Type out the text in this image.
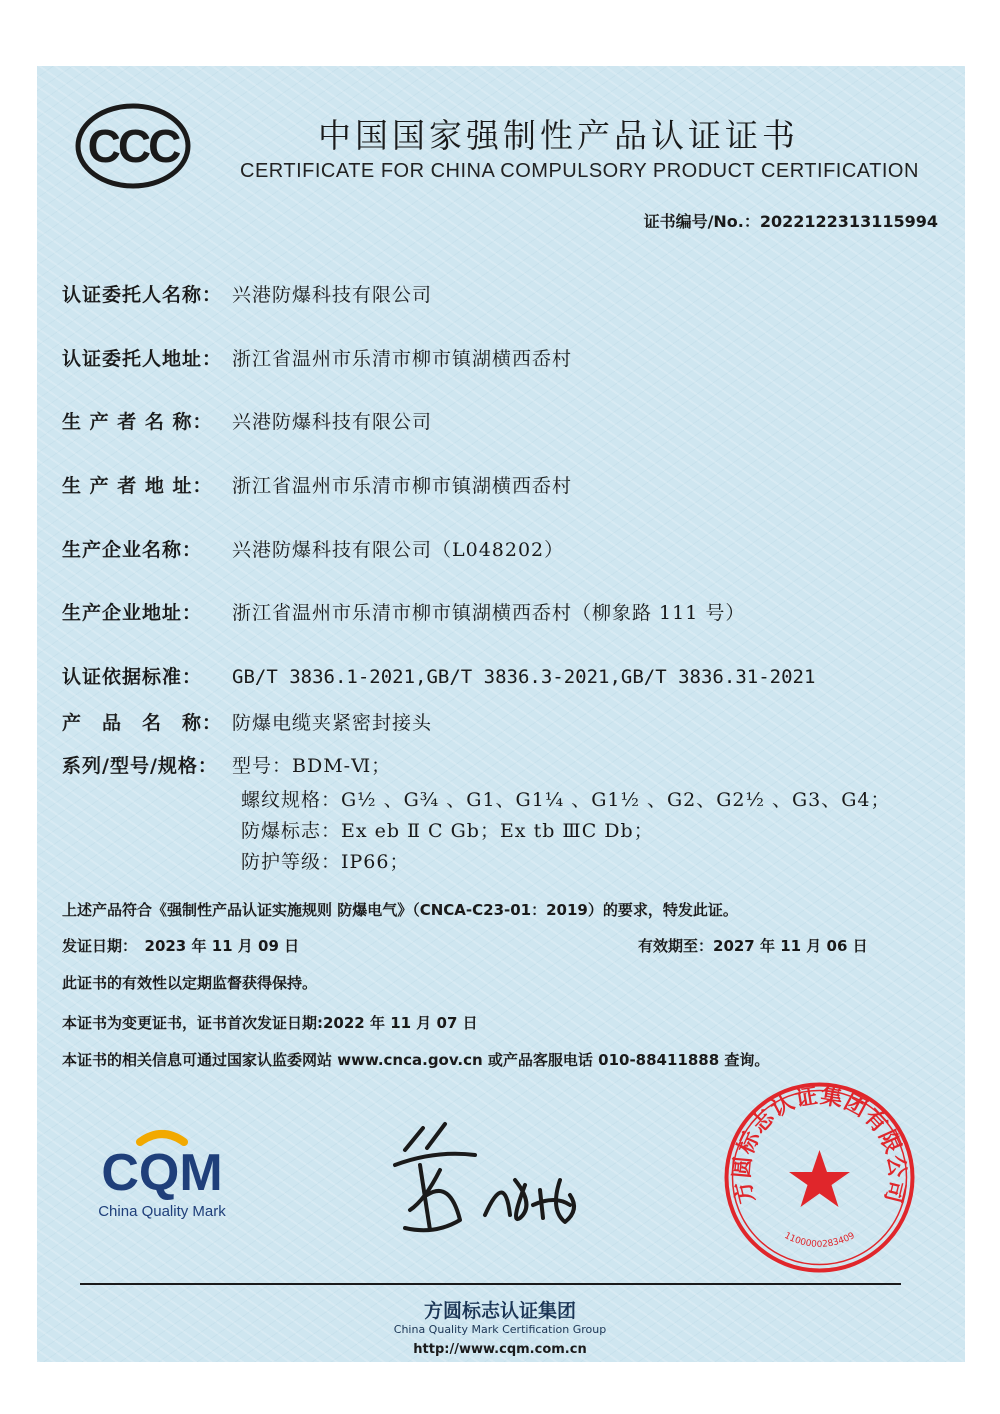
CCC	中国国家强制性产品认证证书
CERTIFICATE FOR CHINA COMPULSORY PRODUCT CERTIFICATION
证书编号/No.：2022122313115994
认证委托人名称： 兴港防爆科技有限公司
认证委托人地址： 浙江省温州市乐清市柳市镇湖横西岙村
生 产 者 名 称： 兴港防爆科技有限公司
生 产 者 地 址： 浙江省温州市乐清市柳市镇湖横西岙村
生产企业名称： 兴港防爆科技有限公司（L048202）
生产企业地址： 浙江省温州市乐清市柳市镇湖横西岙村（柳象路 111 号）
认证依据标准： GB/T 3836.1-2021,GB/T 3836.3-2021,GB/T 3836.31-2021
产　品　名　称： 防爆电缆夹紧密封接头
系列/型号/规格： 型号：BDM-Ⅵ；
螺纹规格：G½ 、G¾ 、G1、G1¼ 、G1½ 、G2、G2½ 、G3、G4；
防爆标志：Ex eb Ⅱ C Gb；Ex tb ⅢC Db；
防护等级：IP66；
上述产品符合《强制性产品认证实施规则 防爆电气》（CNCA-C23-01：2019）的要求，特发此证。
发证日期：　2023 年 11 月 09 日	有效期至：2027 年 11 月 06 日
此证书的有效性以定期监督获得保持。
本证书为变更证书，证书首次发证日期:2022 年 11 月 07 日
本证书的相关信息可通过国家认监委网站 www.cnca.gov.cn 或产品客服电话 010-88411888 查询。
CQM
China Quality Mark
方圆标志认证集团有限公司
1100000283409
方圆标志认证集团
China Quality Mark Certification Group
http://www.cqm.com.cn
